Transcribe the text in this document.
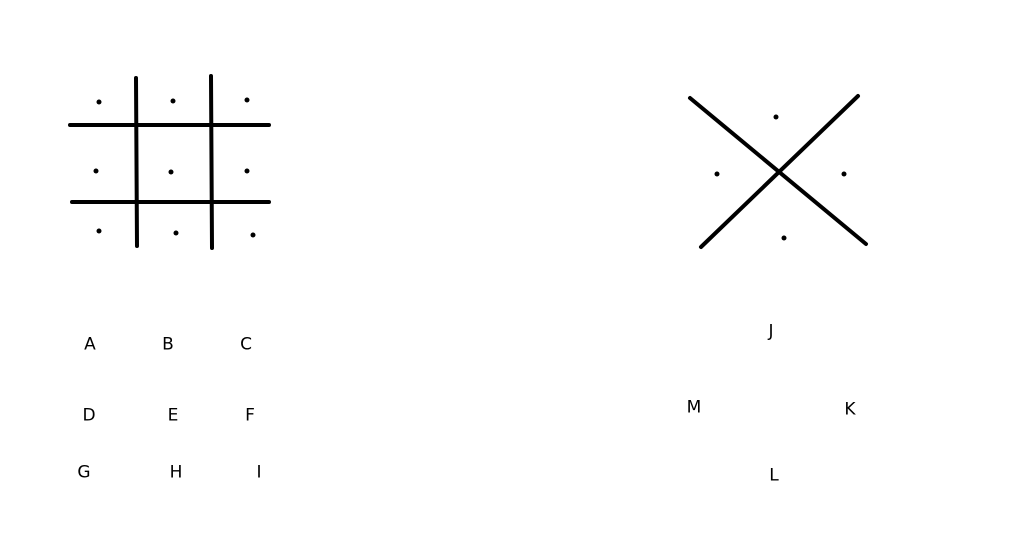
A	B	C
D	E	F
G	H	I
J
K
L
M
